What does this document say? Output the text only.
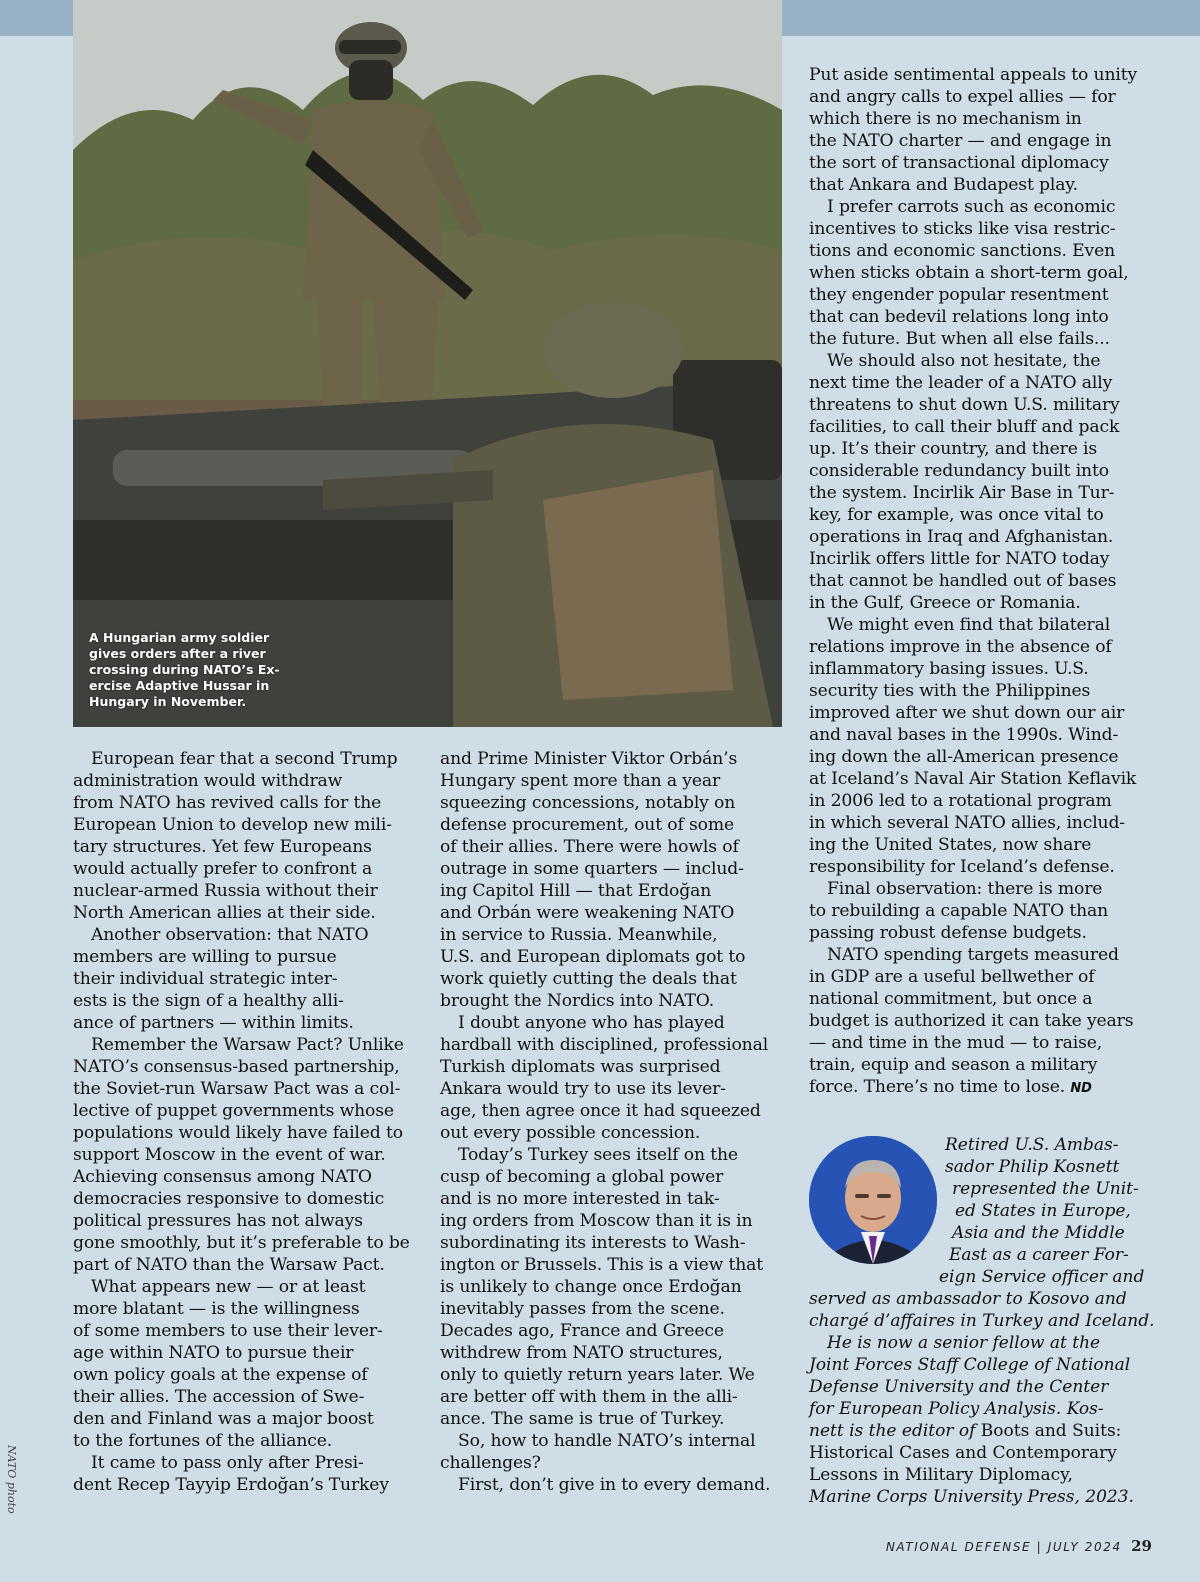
A Hungarian army soldier
gives orders after a river
crossing during NATO’s Ex-
ercise Adaptive Hussar in
Hungary in November.
NATO photo

European fear that a second Trump
administration would withdraw
from NATO has revived calls for the
European Union to develop new mili-
tary structures. Yet few Europeans
would actually prefer to confront a
nuclear-armed Russia without their
North American allies at their side.

Another observation: that NATO
members are willing to pursue
their individual strategic inter-
ests is the sign of a healthy alli-
ance of partners — within limits.

Remember the Warsaw Pact? Unlike
NATO’s consensus-based partnership,
the Soviet-run Warsaw Pact was a col-
lective of puppet governments whose
populations would likely have failed to
support Moscow in the event of war.
Achieving consensus among NATO
democracies responsive to domestic
political pressures has not always
gone smoothly, but it’s preferable to be
part of NATO than the Warsaw Pact.

What appears new — or at least
more blatant — is the willingness
of some members to use their lever-
age within NATO to pursue their
own policy goals at the expense of
their allies. The accession of Swe-
den and Finland was a major boost
to the fortunes of the alliance.

It came to pass only after Presi-
dent Recep Tayyip Erdoğan’s Turkey

and Prime Minister Viktor Orbán’s
Hungary spent more than a year
squeezing concessions, notably on
defense procurement, out of some
of their allies. There were howls of
outrage in some quarters — includ-
ing Capitol Hill — that Erdoğan
and Orbán were weakening NATO
in service to Russia. Meanwhile,
U.S. and European diplomats got to
work quietly cutting the deals that
brought the Nordics into NATO.

I doubt anyone who has played
hardball with disciplined, professional
Turkish diplomats was surprised
Ankara would try to use its lever-
age, then agree once it had squeezed
out every possible concession.

Today’s Turkey sees itself on the
cusp of becoming a global power
and is no more interested in tak-
ing orders from Moscow than it is in
subordinating its interests to Wash-
ington or Brussels. This is a view that
is unlikely to change once Erdoğan
inevitably passes from the scene.
Decades ago, France and Greece
withdrew from NATO structures,
only to quietly return years later. We
are better off with them in the alli-
ance. The same is true of Turkey.

So, how to handle NATO’s internal
challenges?

First, don’t give in to every demand.

Put aside sentimental appeals to unity
and angry calls to expel allies — for
which there is no mechanism in
the NATO charter — and engage in
the sort of transactional diplomacy
that Ankara and Budapest play.

I prefer carrots such as economic
incentives to sticks like visa restric-
tions and economic sanctions. Even
when sticks obtain a short-term goal,
they engender popular resentment
that can bedevil relations long into
the future. But when all else fails...

We should also not hesitate, the
next time the leader of a NATO ally
threatens to shut down U.S. military
facilities, to call their bluff and pack
up. It’s their country, and there is
considerable redundancy built into
the system. Incirlik Air Base in Tur-
key, for example, was once vital to
operations in Iraq and Afghanistan.
Incirlik offers little for NATO today
that cannot be handled out of bases
in the Gulf, Greece or Romania.

We might even find that bilateral
relations improve in the absence of
inflammatory basing issues. U.S.
security ties with the Philippines
improved after we shut down our air
and naval bases in the 1990s. Wind-
ing down the all-American presence
at Iceland’s Naval Air Station Keflavik
in 2006 led to a rotational program
in which several NATO allies, includ-
ing the United States, now share
responsibility for Iceland’s defense.

Final observation: there is more
to rebuilding a capable NATO than
passing robust defense budgets.

NATO spending targets measured
in GDP are a useful bellwether of
national commitment, but once a
budget is authorized it can take years
— and time in the mud — to raise,
train, equip and season a military
force. There’s no time to lose. ND

Retired U.S. Ambas-
sador Philip Kosnett
represented the Unit-
ed States in Europe,
Asia and the Middle
East as a career For-
eign Service officer and
served as ambassador to Kosovo and
chargé d’affaires in Turkey and Iceland.
He is now a senior fellow at the
Joint Forces Staff College of National
Defense University and the Center
for European Policy Analysis. Kos-
nett is the editor of Boots and Suits:
Historical Cases and Contemporary
Lessons in Military Diplomacy,
Marine Corps University Press, 2023.
NATIONAL DEFENSE | JULY 2024 29
